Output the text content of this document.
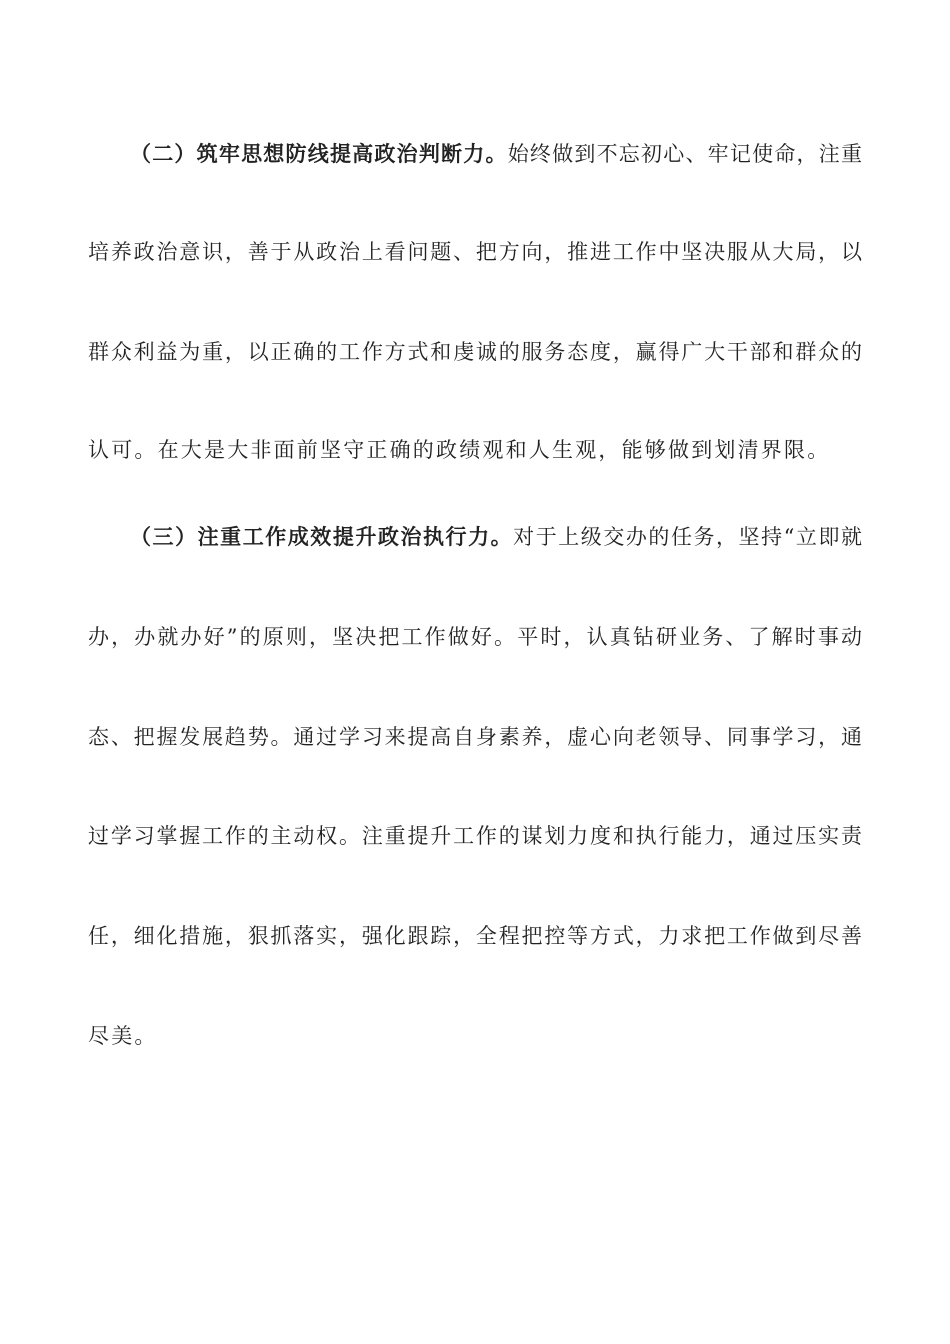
（二）筑牢思想防线提高政治判断力。始终做到不忘初心、牢记使命，注重
培养政治意识，善于从政治上看问题、把方向，推进工作中坚决服从大局，以
群众利益为重，以正确的工作方式和虔诚的服务态度，赢得广大干部和群众的
认可。在大是大非面前坚守正确的政绩观和人生观，能够做到划清界限。
（三）注重工作成效提升政治执行力。对于上级交办的任务，坚持“立即就
办，办就办好”的原则，坚决把工作做好。平时，认真钻研业务、了解时事动
态、把握发展趋势。通过学习来提高自身素养，虚心向老领导、同事学习，通
过学习掌握工作的主动权。注重提升工作的谋划力度和执行能力，通过压实责
任，细化措施，狠抓落实，强化跟踪，全程把控等方式，力求把工作做到尽善
尽美。
